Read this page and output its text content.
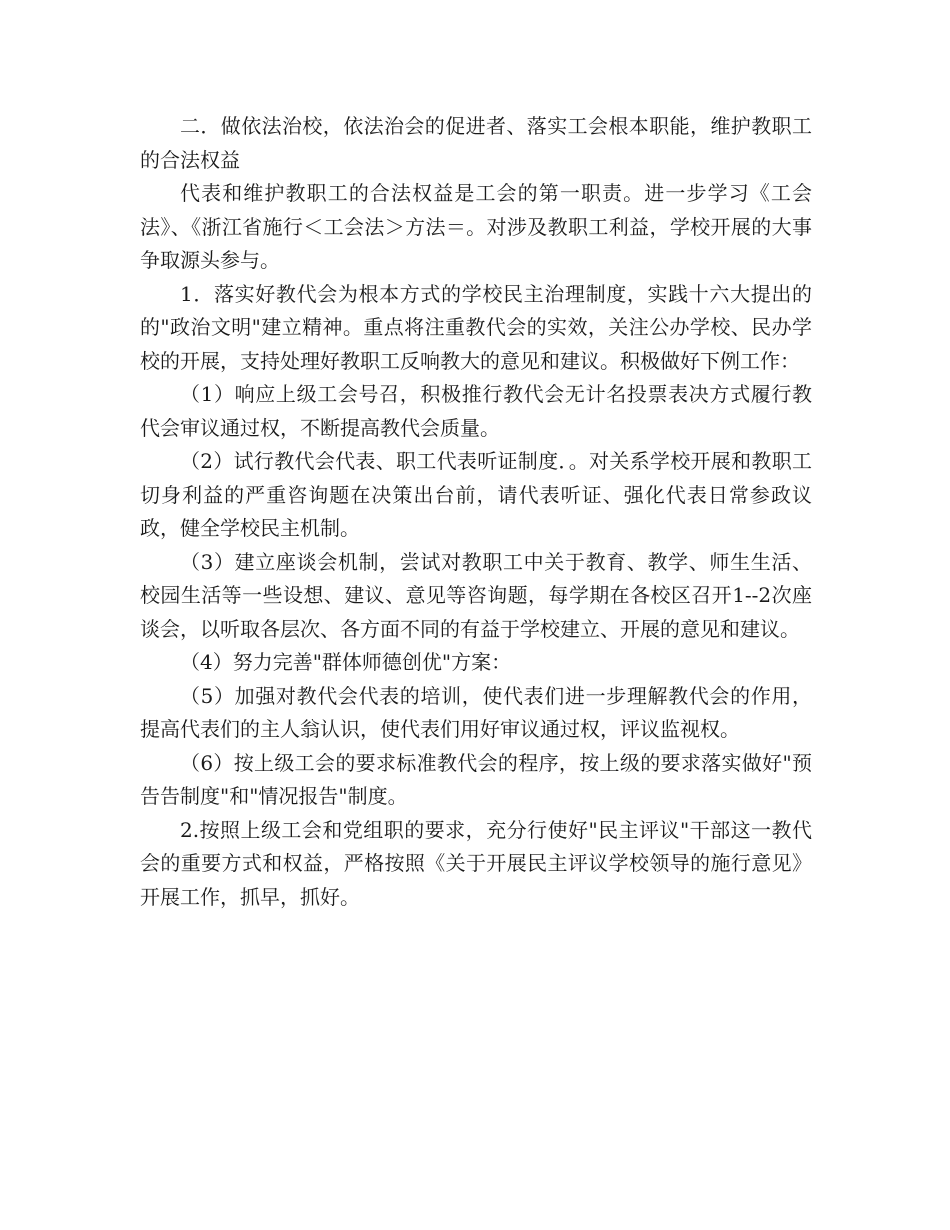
二．做依法治校，依法治会的促进者、落实工会根本职能，维护教职工的合法权益

代表和维护教职工的合法权益是工会的第一职责。进一步学习《工会法》、《浙江省施行＜工会法＞方法＝。对涉及教职工利益，学校开展的大事争取源头参与。

1．落实好教代会为根本方式的学校民主治理制度，实践十六大提出的的"政治文明"建立精神。重点将注重教代会的实效，关注公办学校、民办学校的开展，支持处理好教职工反响教大的意见和建议。积极做好下例工作：

（1）响应上级工会号召，积极推行教代会无计名投票表决方式履行教代会审议通过权，不断提高教代会质量。

（2）试行教代会代表、职工代表听证制度．。对关系学校开展和教职工切身利益的严重咨询题在决策出台前，请代表听证、强化代表日常参政议政，健全学校民主机制。

（3）建立座谈会机制，尝试对教职工中关于教育、教学、师生生活、校园生活等一些设想、建议、意见等咨询题，每学期在各校区召开1--2次座谈会，以听取各层次、各方面不同的有益于学校建立、开展的意见和建议。

（4）努力完善"群体师德创优"方案：

（5）加强对教代会代表的培训，使代表们进一步理解教代会的作用，提高代表们的主人翁认识，使代表们用好审议通过权，评议监视权。

（6）按上级工会的要求标准教代会的程序，按上级的要求落实做好"预告告制度"和"情况报告"制度。

2.按照上级工会和党组职的要求，充分行使好"民主评议"干部这一教代会的重要方式和权益，严格按照《关于开展民主评议学校领导的施行意见》开展工作，抓早，抓好。
